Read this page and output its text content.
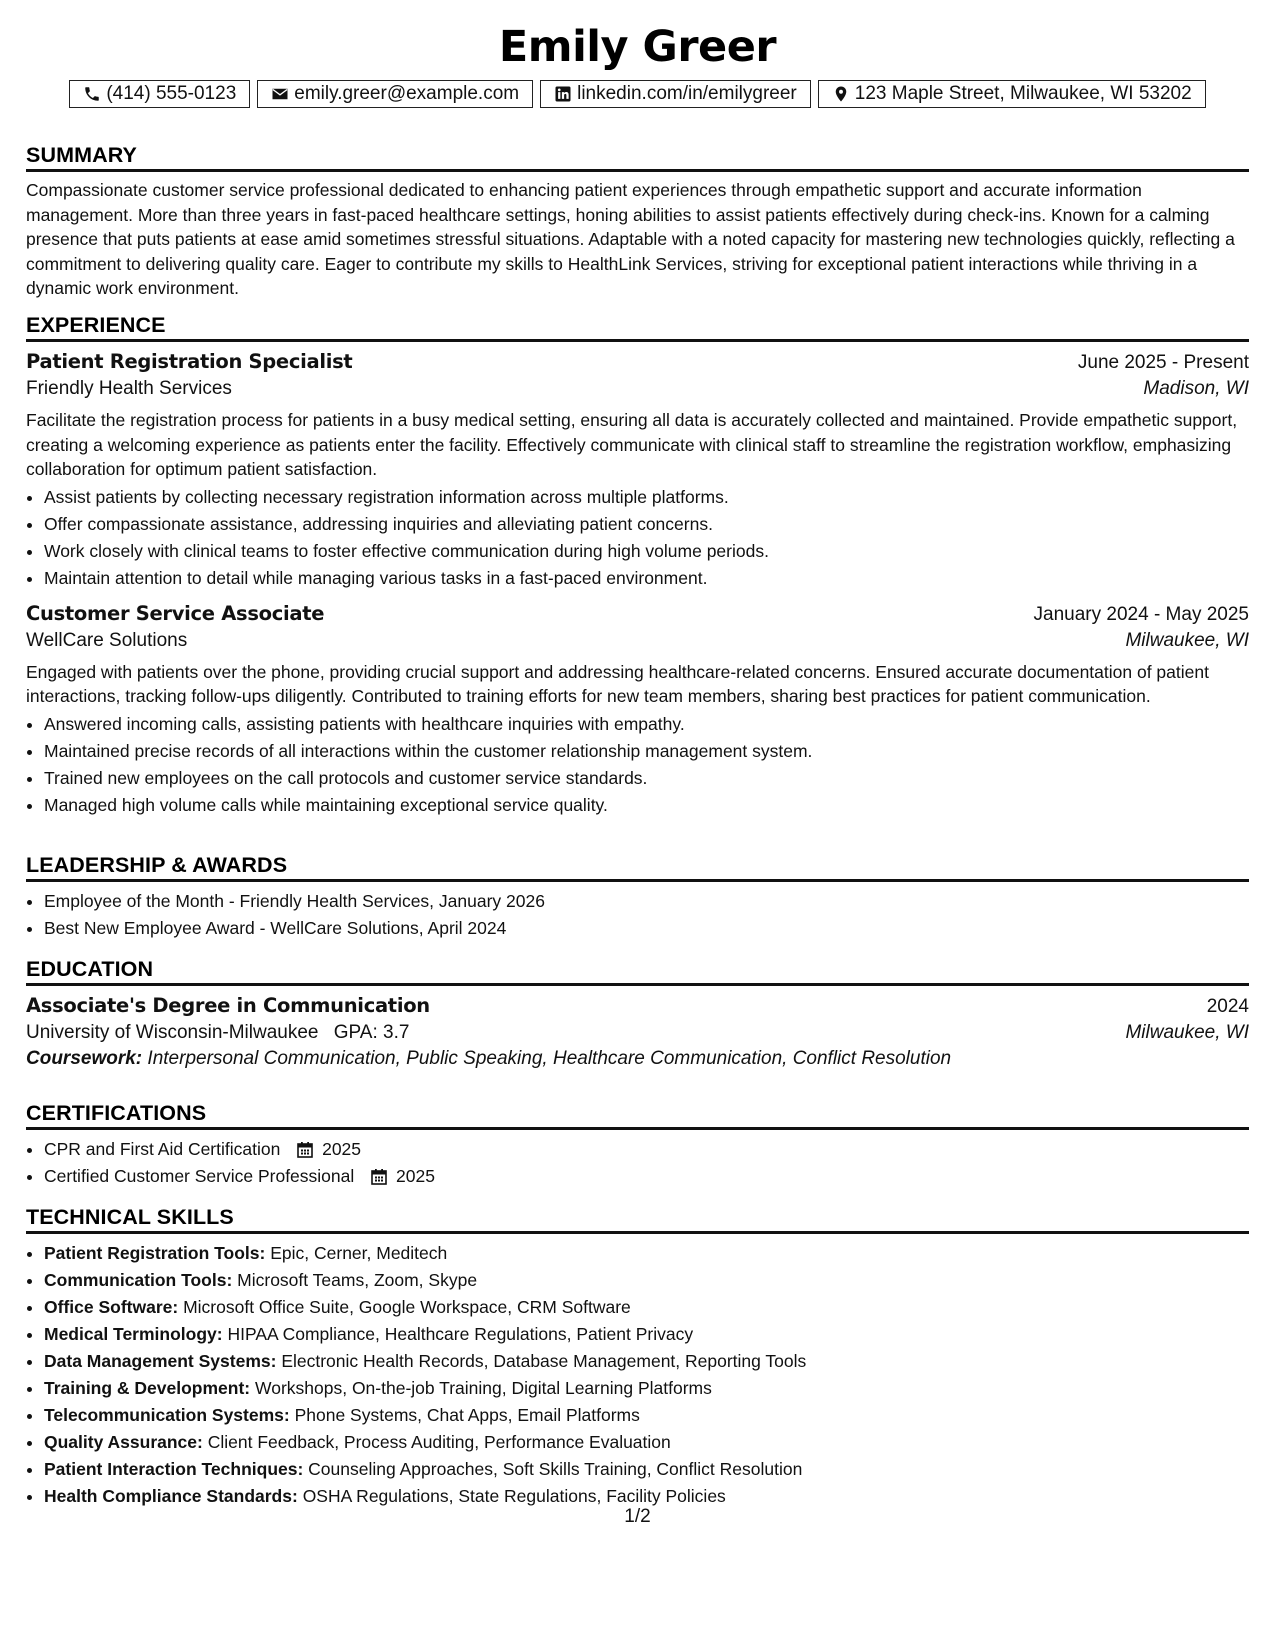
Emily Greer
(414) 555-0123	emily.greer@example.com	linkedin.com/in/emilygreer	123 Maple Street, Milwaukee, WI 53202
SUMMARY

Compassionate customer service professional dedicated to enhancing patient experiences through empathetic support and accurate information management. More than three years in fast-paced healthcare settings, honing abilities to assist patients effectively during check-ins. Known for a calming presence that puts patients at ease amid sometimes stressful situations. Adaptable with a noted capacity for mastering new technologies quickly, reflecting a commitment to delivering quality care. Eager to contribute my skills to HealthLink Services, striving for exceptional patient interactions while thriving in a dynamic work environment.

EXPERIENCE
Patient Registration Specialist	June 2025 - Present
Friendly Health Services	Madison, WI

Facilitate the registration process for patients in a busy medical setting, ensuring all data is accurately collected and maintained. Provide empathetic support, creating a welcoming experience as patients enter the facility. Effectively communicate with clinical staff to streamline the registration workflow, emphasizing collaboration for optimum patient satisfaction.

• Assist patients by collecting necessary registration information across multiple platforms.
• Offer compassionate assistance, addressing inquiries and alleviating patient concerns.
• Work closely with clinical teams to foster effective communication during high volume periods.
• Maintain attention to detail while managing various tasks in a fast-paced environment.
Customer Service Associate	January 2024 - May 2025
WellCare Solutions	Milwaukee, WI

Engaged with patients over the phone, providing crucial support and addressing healthcare-related concerns. Ensured accurate documentation of patient interactions, tracking follow-ups diligently. Contributed to training efforts for new team members, sharing best practices for patient communication.

• Answered incoming calls, assisting patients with healthcare inquiries with empathy.
• Maintained precise records of all interactions within the customer relationship management system.
• Trained new employees on the call protocols and customer service standards.
• Managed high volume calls while maintaining exceptional service quality.
LEADERSHIP & AWARDS
• Employee of the Month - Friendly Health Services, January 2026
• Best New Employee Award - WellCare Solutions, April 2024
EDUCATION
Associate's Degree in Communication	2024
University of Wisconsin-Milwaukee GPA: 3.7	Milwaukee, WI
Coursework: Interpersonal Communication, Public Speaking, Healthcare Communication, Conflict Resolution
CERTIFICATIONS
• CPR and First Aid Certification 2025
• Certified Customer Service Professional 2025
TECHNICAL SKILLS
• Patient Registration Tools: Epic, Cerner, Meditech
• Communication Tools: Microsoft Teams, Zoom, Skype
• Office Software: Microsoft Office Suite, Google Workspace, CRM Software
• Medical Terminology: HIPAA Compliance, Healthcare Regulations, Patient Privacy
• Data Management Systems: Electronic Health Records, Database Management, Reporting Tools
• Training & Development: Workshops, On-the-job Training, Digital Learning Platforms
• Telecommunication Systems: Phone Systems, Chat Apps, Email Platforms
• Quality Assurance: Client Feedback, Process Auditing, Performance Evaluation
• Patient Interaction Techniques: Counseling Approaches, Soft Skills Training, Conflict Resolution
• Health Compliance Standards: OSHA Regulations, State Regulations, Facility Policies
1/2
